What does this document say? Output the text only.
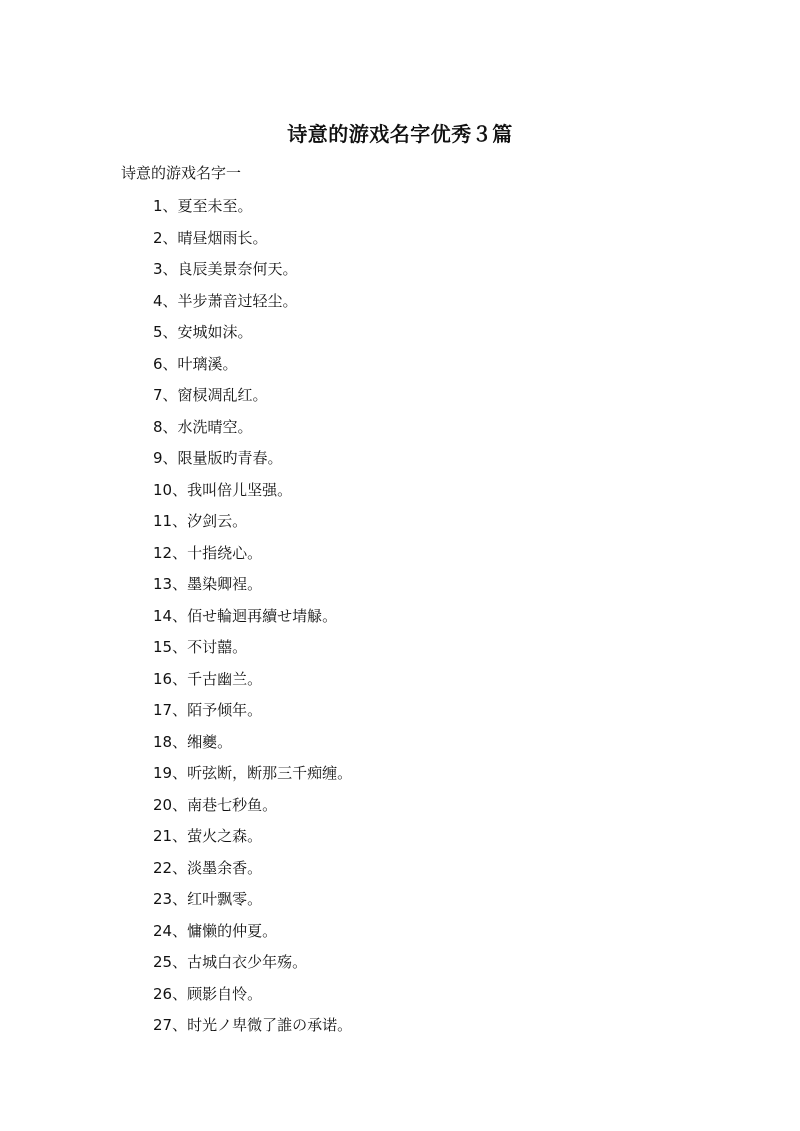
诗意的游戏名字优秀３篇
诗意的游戏名字一
1、夏至未至。
2、晴昼烟雨长。
3、良辰美景奈何天。
4、半步萧音过轻尘。
5、安城如沫。
6、叶璃溪。
7、窗棂凋乱红。
8、水洗晴空。
9、限量版旳青春。
10、我叫倍儿坚强。
11、汐剑云。
12、十指绕心。
13、墨染卿裎。
14、佰せ輪迴再續せ埥觮。
15、不讨囍。
16、千古幽兰。
17、陌予倾年。
18、缃夔。
19、听弦断，断那三千痴缠。
20、南巷七秒鱼。
21、萤火之森。
22、淡墨余香。
23、红叶飘零。
24、慵懒的仲夏。
25、古城白衣少年殇。
26、顾影自怜。
27、时光ノ卑微了誰の承诺。
